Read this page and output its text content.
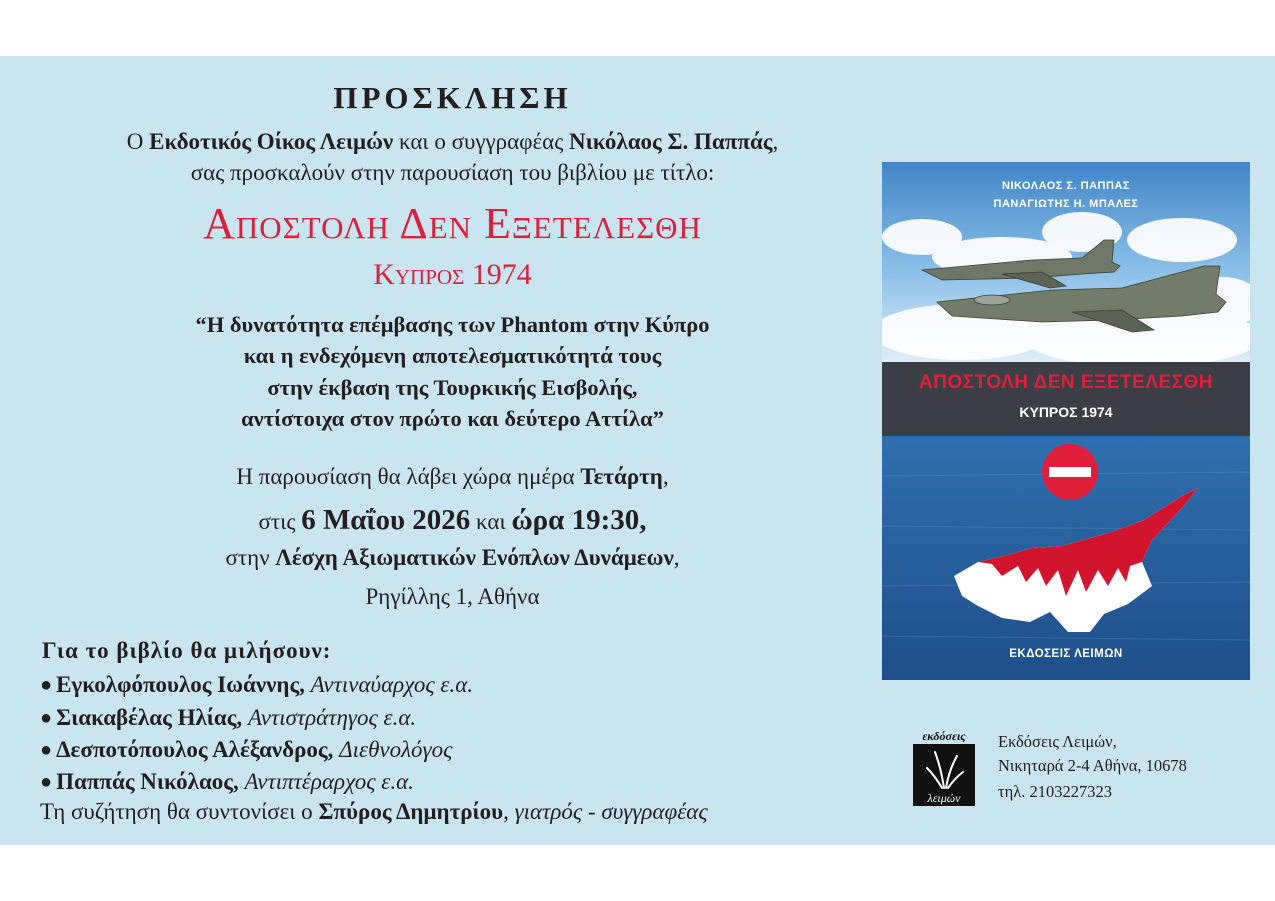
ΠΡΟΣΚΛΗΣΗ
Ο Εκδοτικός Οίκος Λειμών και ο συγγραφέας Νικόλαος Σ. Παππάς,
σας προσκαλούν στην παρουσίαση του βιβλίου με τίτλο:
Αποστολη Δεν Εξετελεσθη
Κυπρος 1974
“Η δυνατότητα επέμβασης των Phantom στην Κύπρο
και η ενδεχόμενη αποτελεσματικότητά τους
στην έκβαση της Τουρκικής Εισβολής,
αντίστοιχα στον πρώτο και δεύτερο Αττίλα”
Η παρουσίαση θα λάβει χώρα ημέρα Τετάρτη,
στις 6 Μαΐου 2026 και ώρα 19:30,
στην Λέσχη Αξιωματικών Ενόπλων Δυνάμεων,
Ρηγίλλης 1, Αθήνα
Για το βιβλίο θα μιλήσουν:
● Εγκολφόπουλος Ιωάννης, Αντιναύαρχος ε.α.
● Σιακαβέλας Ηλίας, Αντιστράτηγος ε.α.
● Δεσποτόπουλος Αλέξανδρος, Διεθνολόγος
● Παππάς Νικόλαος, Αντιπτέραρχος ε.α.
Τη συζήτηση θα συντονίσει ο Σπύρος Δημητρίου, γιατρός - συγγραφέας
ΝΙΚΟΛΑΟΣ Σ. ΠΑΠΠΑΣ
ΠΑΝΑΓΙΩΤΗΣ Η. ΜΠΑΛΕΣ
ΑΠΟΣΤΟΛΗ ΔΕΝ ΕΞΕΤΕΛΕΣΘΗ
ΚΥΠΡΟΣ 1974
ΕΚΔΟΣΕΙΣ ΛΕΙΜΩΝ
εκδόσεις
λειμών
Εκδόσεις Λειμών,
Νικηταρά 2-4 Αθήνα, 10678
τηλ. 2103227323
